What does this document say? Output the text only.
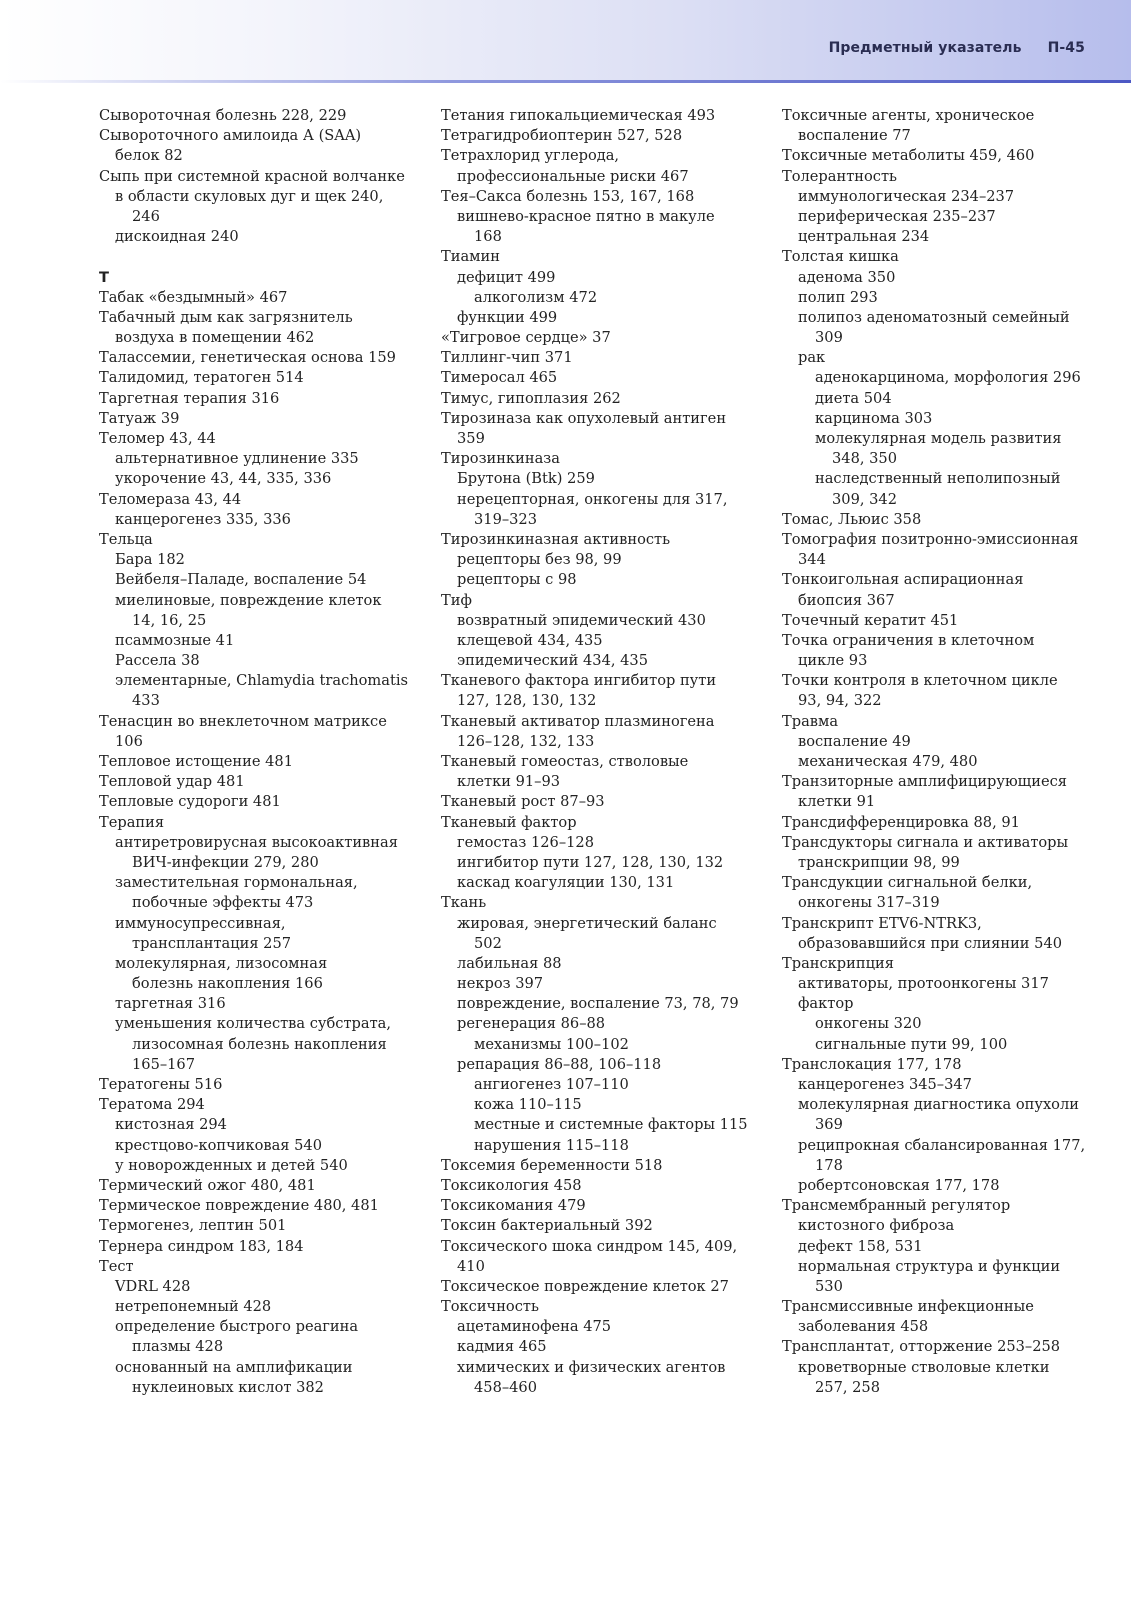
Предметный указатель П-45
Сывороточная болезнь 228, 229
Сывороточного амилоида А (SAA)
белок 82
Сыпь при системной красной волчанке
в области скуловых дуг и щек 240,
246
дискоидная 240
Т
Табак «бездымный» 467
Табачный дым как загрязнитель
воздуха в помещении 462
Талассемии, генетическая основа 159
Талидомид, тератоген 514
Таргетная терапия 316
Татуаж 39
Теломер 43, 44
альтернативное удлинение 335
укорочение 43, 44, 335, 336
Теломераза 43, 44
канцерогенез 335, 336
Тельца
Бара 182
Вейбеля–Паладе, воспаление 54
миелиновые, повреждение клеток
14, 16, 25
псаммозные 41
Рассела 38
элементарные, Chlamydia trachomatis
433
Тенасцин во внеклеточном матриксе
106
Тепловое истощение 481
Тепловой удар 481
Тепловые судороги 481
Терапия
антиретровирусная высокоактивная
ВИЧ-инфекции 279, 280
заместительная гормональная,
побочные эффекты 473
иммуносупрессивная,
трансплантация 257
молекулярная, лизосомная
болезнь накопления 166
таргетная 316
уменьшения количества субстрата,
лизосомная болезнь накопления
165–167
Тератогены 516
Тератома 294
кистозная 294
крестцово-копчиковая 540
у новорожденных и детей 540
Термический ожог 480, 481
Термическое повреждение 480, 481
Термогенез, лептин 501
Тернера синдром 183, 184
Тест
VDRL 428
нетрепонемный 428
определение быстрого реагина
плазмы 428
основанный на амплификации
нуклеиновых кислот 382
Тетания гипокальциемическая 493
Тетрагидробиоптерин 527, 528
Тетрахлорид углерода,
профессиональные риски 467
Тея–Сакса болезнь 153, 167, 168
вишнево-красное пятно в макуле
168
Тиамин
дефицит 499
алкоголизм 472
функции 499
«Тигровое сердце» 37
Тиллинг-чип 371
Тимеросал 465
Тимус, гипоплазия 262
Тирозиназа как опухолевый антиген
359
Тирозинкиназа
Брутона (Btk) 259
нерецепторная, онкогены для 317,
319–323
Тирозинкиназная активность
рецепторы без 98, 99
рецепторы с 98
Тиф
возвратный эпидемический 430
клещевой 434, 435
эпидемический 434, 435
Тканевого фактора ингибитор пути
127, 128, 130, 132
Тканевый активатор плазминогена
126–128, 132, 133
Тканевый гомеостаз, стволовые
клетки 91–93
Тканевый рост 87–93
Тканевый фактор
гемостаз 126–128
ингибитор пути 127, 128, 130, 132
каскад коагуляции 130, 131
Ткань
жировая, энергетический баланс
502
лабильная 88
некроз 397
повреждение, воспаление 73, 78, 79
регенерация 86–88
механизмы 100–102
репарация 86–88, 106–118
ангиогенез 107–110
кожа 110–115
местные и системные факторы 115
нарушения 115–118
Токсемия беременности 518
Токсикология 458
Токсикомания 479
Токсин бактериальный 392
Токсического шока синдром 145, 409,
410
Токсическое повреждение клеток 27
Токсичность
ацетаминофена 475
кадмия 465
химических и физических агентов
458–460
Токсичные агенты, хроническое
воспаление 77
Токсичные метаболиты 459, 460
Толерантность
иммунологическая 234–237
периферическая 235–237
центральная 234
Толстая кишка
аденома 350
полип 293
полипоз аденоматозный семейный
309
рак
аденокарцинома, морфология 296
диета 504
карцинома 303
молекулярная модель развития
348, 350
наследственный неполипозный
309, 342
Томас, Льюис 358
Томография позитронно-эмиссионная
344
Тонкоигольная аспирационная
биопсия 367
Точечный кератит 451
Точка ограничения в клеточном
цикле 93
Точки контроля в клеточном цикле
93, 94, 322
Травма
воспаление 49
механическая 479, 480
Транзиторные амплифицирующиеся
клетки 91
Трансдифференцировка 88, 91
Трансдукторы сигнала и активаторы
транскрипции 98, 99
Трансдукции сигнальной белки,
онкогены 317–319
Транскрипт ETV6-NTRK3,
образовавшийся при слиянии 540
Транскрипция
активаторы, протоонкогены 317
фактор
онкогены 320
сигнальные пути 99, 100
Транслокация 177, 178
канцерогенез 345–347
молекулярная диагностика опухоли
369
реципрокная сбалансированная 177,
178
робертсоновская 177, 178
Трансмембранный регулятор
кистозного фиброза
дефект 158, 531
нормальная структура и функции
530
Трансмиссивные инфекционные
заболевания 458
Трансплантат, отторжение 253–258
кроветворные стволовые клетки
257, 258
